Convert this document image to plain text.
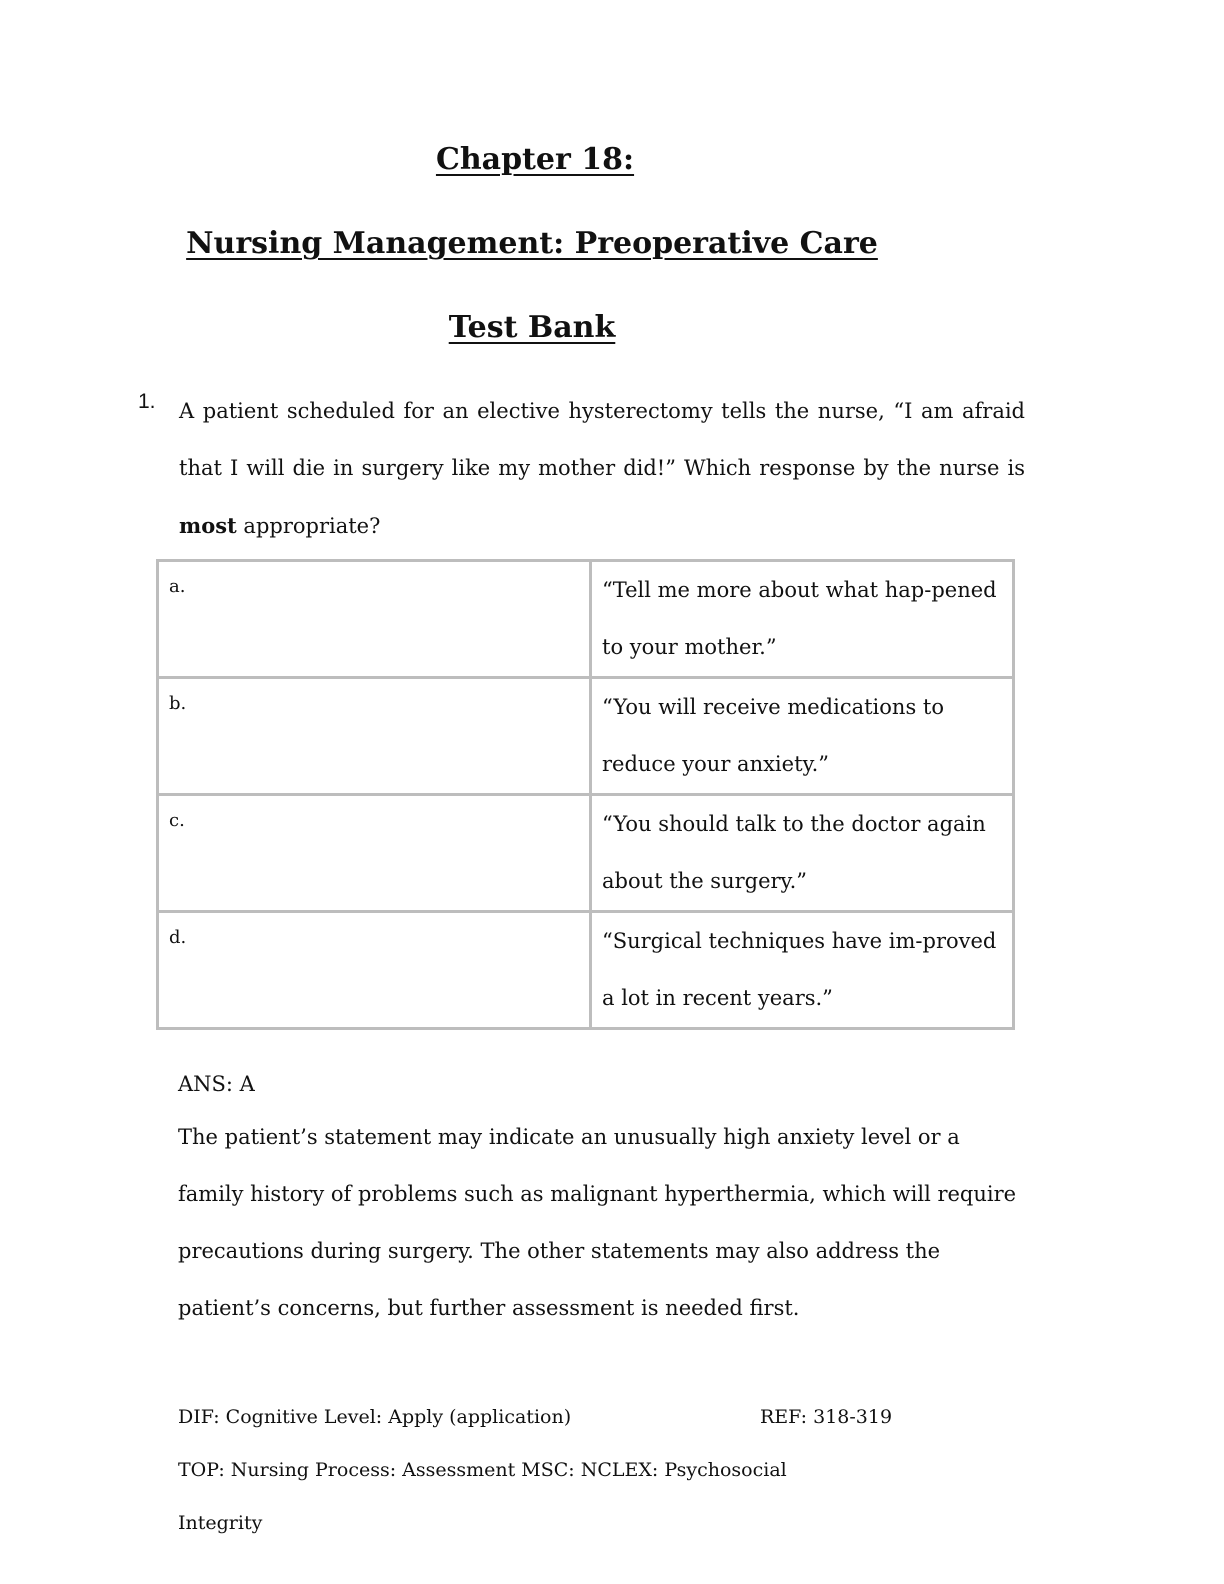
Chapter 18:
Nursing Management: Preoperative Care
Test Bank
1. A patient scheduled for an elective hysterectomy tells the nurse, “I am afraid that I will die in surgery like my mother did!” Which response by the nurse is most appropriate?

a.	“Tell me more about what hap-pened to your mother.”
b.	“You will receive medications to reduce your anxiety.”
c.	“You should talk to the doctor again about the surgery.”
d.	“Surgical techniques have im-proved a lot in recent years.”
ANS: A

The patient’s statement may indicate an unusually high anxiety level or a family history of problems such as malignant hyperthermia, which will require precautions during surgery. The other statements may also address the patient’s concerns, but further assessment is needed first.

DIF: Cognitive Level: Apply (application)	REF: 318-319
TOP: Nursing Process: Assessment MSC: NCLEX: Psychosocial
Integrity
